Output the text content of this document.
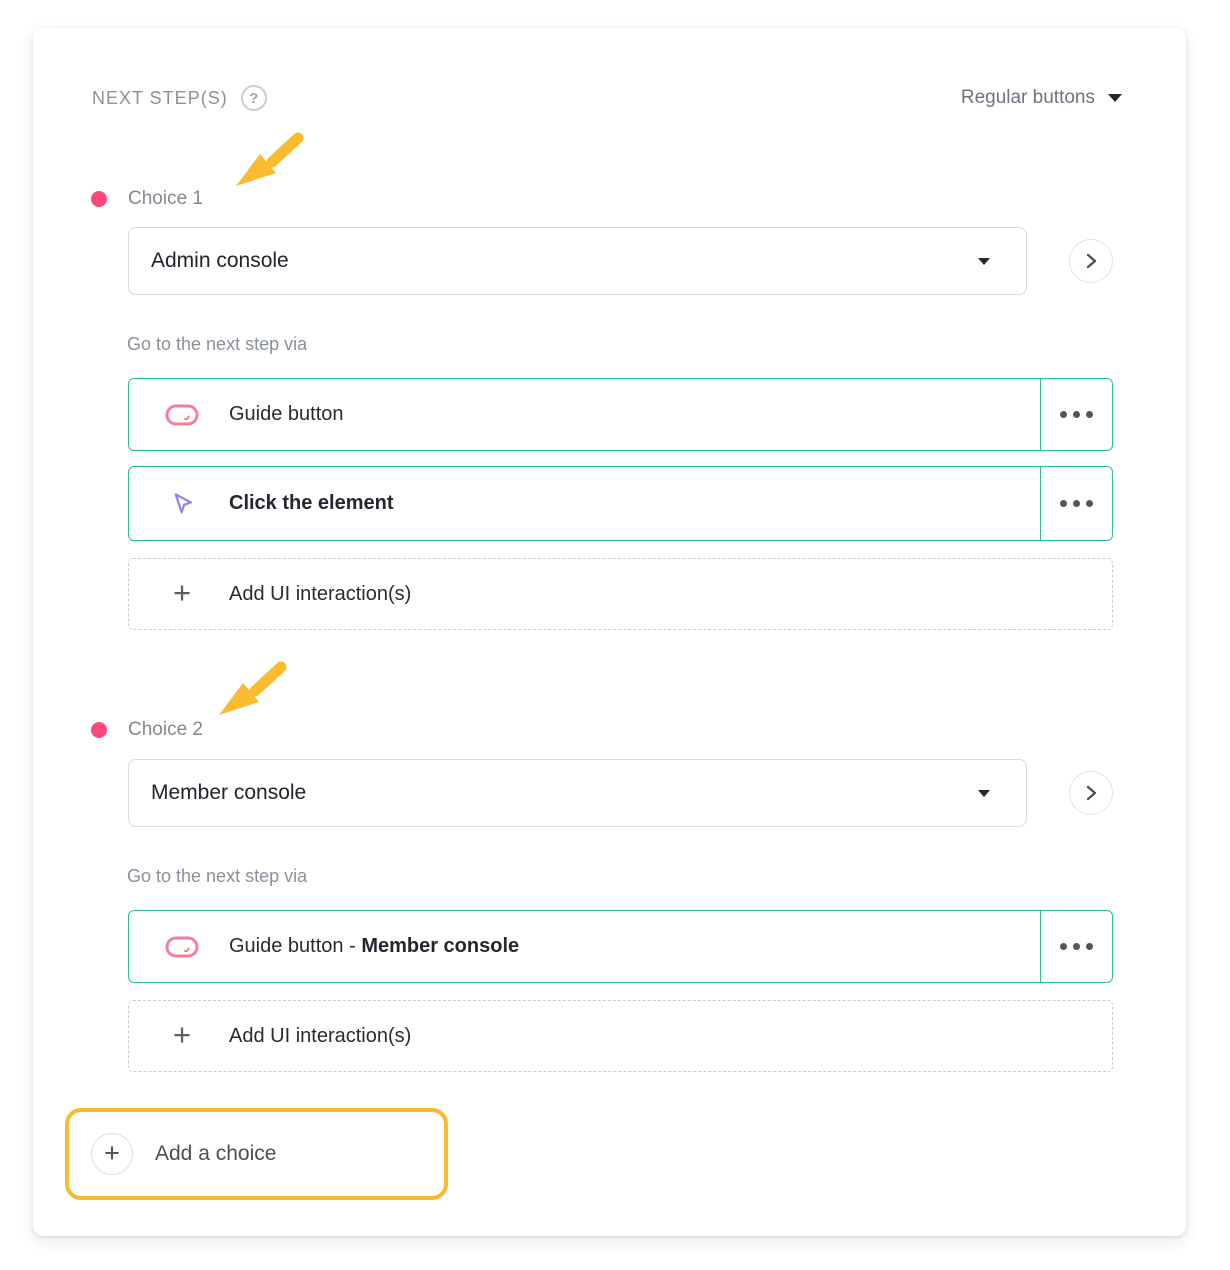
NEXT STEP(S)	?	Regular buttons
Choice 1
Admin console
Go to the next step via
Guide button
Click the element
+	Add UI interaction(s)
Choice 2
Member console
Go to the next step via
Guide button - Member console
+	Add UI interaction(s)
+	Add a choice
